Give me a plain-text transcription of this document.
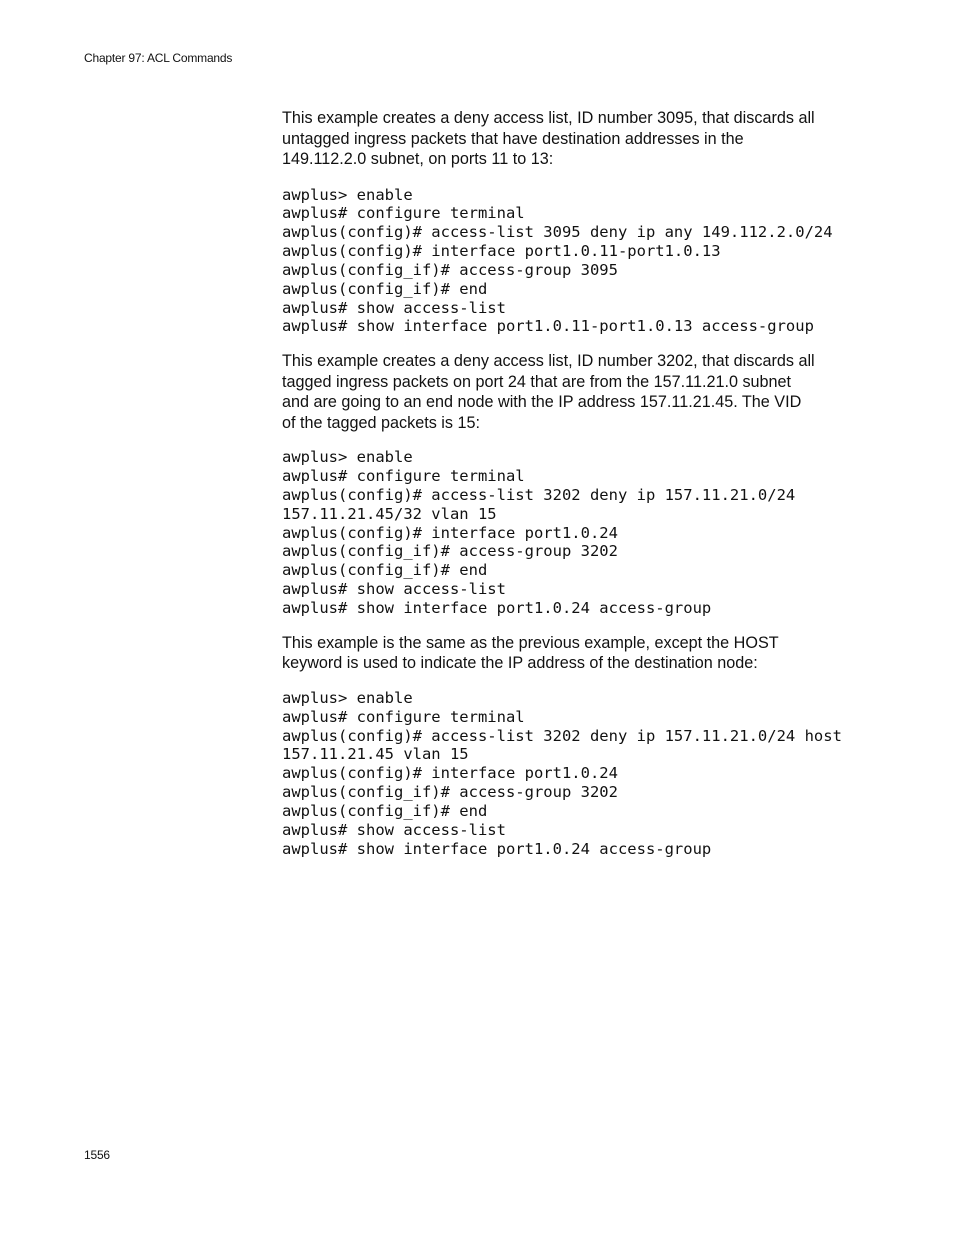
Chapter 97: ACL Commands

This example creates a deny access list, ID number 3095, that discards all
untagged ingress packets that have destination addresses in the
149.112.2.0 subnet, on ports 11 to 13:

awplus> enable
awplus# configure terminal
awplus(config)# access-list 3095 deny ip any 149.112.2.0/24
awplus(config)# interface port1.0.11-port1.0.13
awplus(config_if)# access-group 3095
awplus(config_if)# end
awplus# show access-list
awplus# show interface port1.0.11-port1.0.13 access-group

This example creates a deny access list, ID number 3202, that discards all
tagged ingress packets on port 24 that are from the 157.11.21.0 subnet
and are going to an end node with the IP address 157.11.21.45. The VID
of the tagged packets is 15:

awplus> enable
awplus# configure terminal
awplus(config)# access-list 3202 deny ip 157.11.21.0/24
157.11.21.45/32 vlan 15
awplus(config)# interface port1.0.24
awplus(config_if)# access-group 3202
awplus(config_if)# end
awplus# show access-list
awplus# show interface port1.0.24 access-group

This example is the same as the previous example, except the HOST
keyword is used to indicate the IP address of the destination node:

awplus> enable
awplus# configure terminal
awplus(config)# access-list 3202 deny ip 157.11.21.0/24 host
157.11.21.45 vlan 15
awplus(config)# interface port1.0.24
awplus(config_if)# access-group 3202
awplus(config_if)# end
awplus# show access-list
awplus# show interface port1.0.24 access-group

1556
